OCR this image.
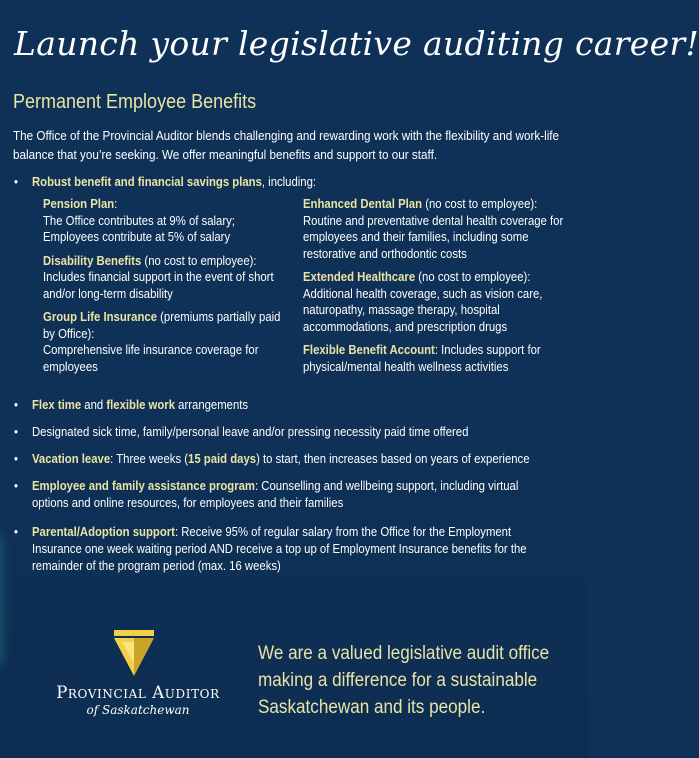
Launch your legislative auditing career!
Permanent Employee Benefits
The Office of the Provincial Auditor blends challenging and rewarding work with the flexibility and work-life balance that you’re seeking. We offer meaningful benefits and support to our staff.
•	Robust benefit and financial savings plans, including:
Pension Plan:
The Office contributes at 9% of salary; Employees contribute at 5% of salary
Disability Benefits (no cost to employee):
Includes financial support in the event of short and/or long-term disability
Group Life Insurance (premiums partially paid by Office):
Comprehensive life insurance coverage for employees
Enhanced Dental Plan (no cost to employee):
Routine and preventative dental health coverage for employees and their families, including some restorative and orthodontic costs
Extended Healthcare (no cost to employee):
Additional health coverage, such as vision care, naturopathy, massage therapy, hospital accommodations, and prescription drugs
Flexible Benefit Account: Includes support for physical/mental health wellness activities
•	Flex time and flexible work arrangements
•	Designated sick time, family/personal leave and/or pressing necessity paid time offered
•	Vacation leave: Three weeks (15 paid days) to start, then increases based on years of experience
•	Employee and family assistance program: Counselling and wellbeing support, including virtual options and online resources, for employees and their families
•	Parental/Adoption support: Receive 95% of regular salary from the Office for the Employment Insurance one week waiting period AND receive a top up of Employment Insurance benefits for the remainder of the program period (max. 16 weeks)
Provincial Auditor
of Saskatchewan
We are a valued legislative audit office making a difference for a sustainable Saskatchewan and its people.
